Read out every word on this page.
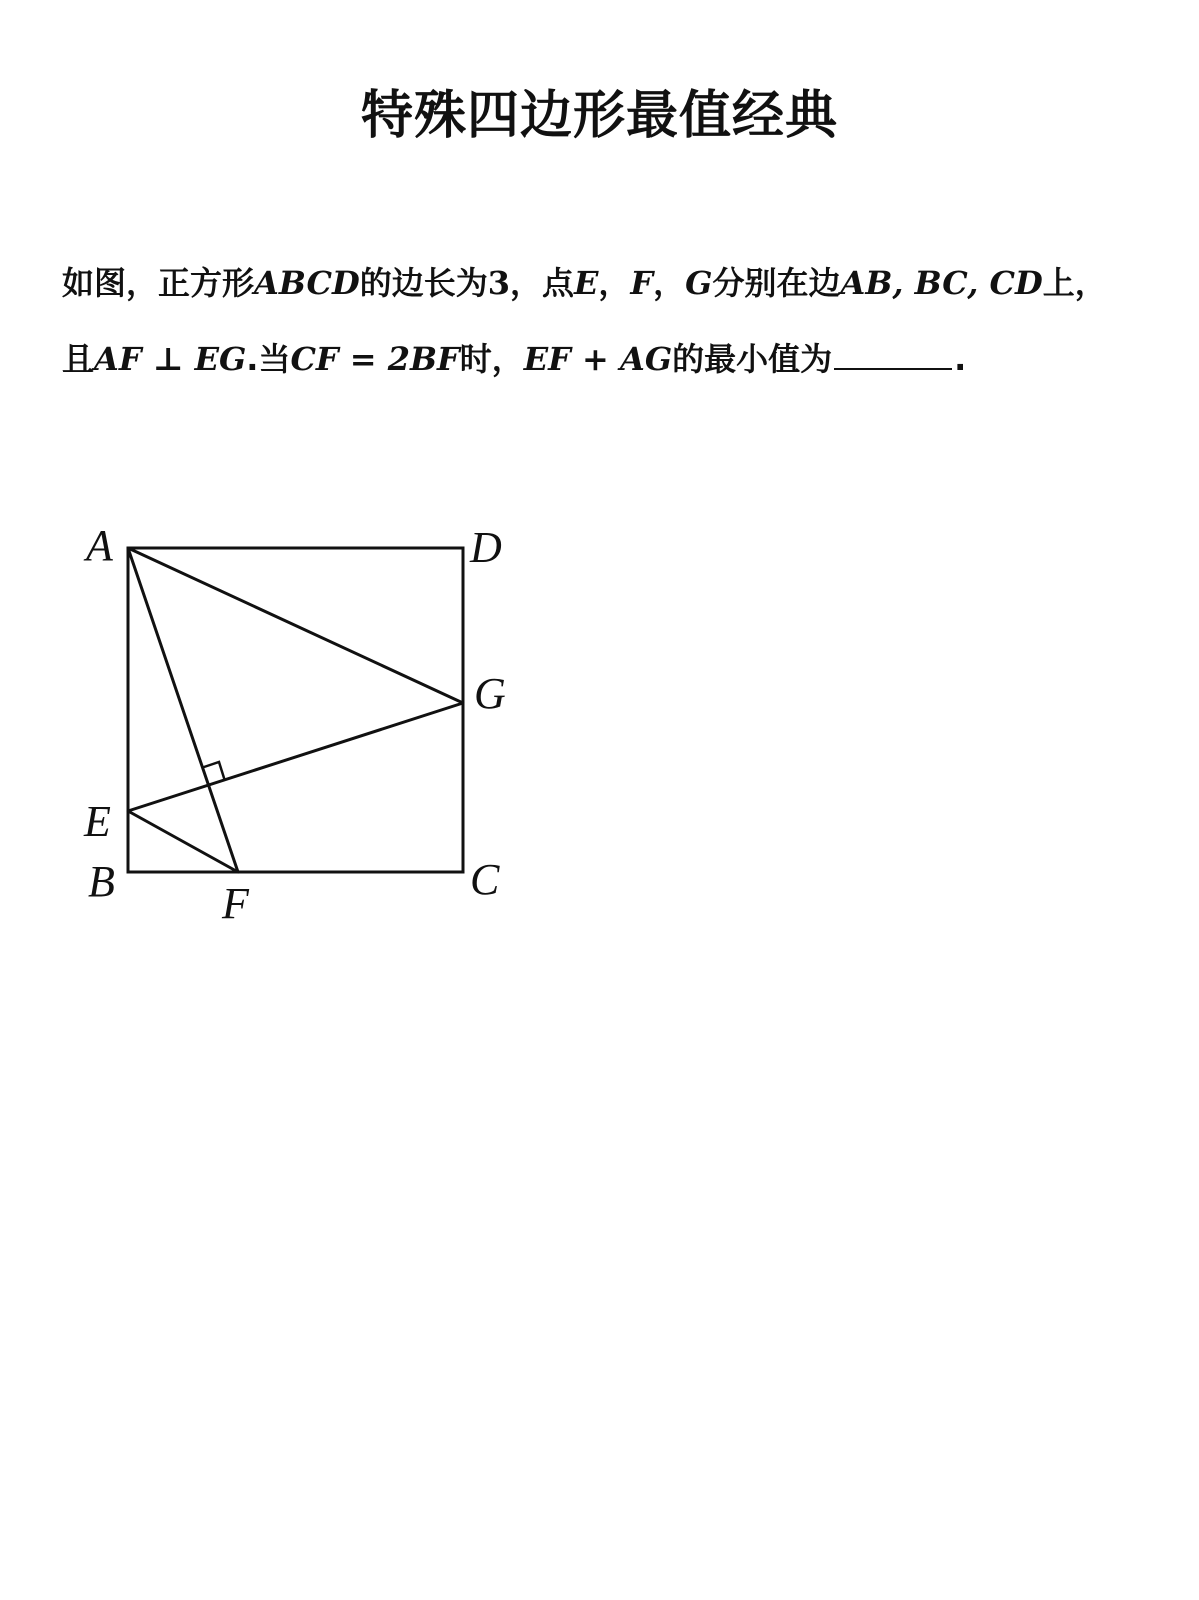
特殊四边形最值经典
如图，正方形ABCD的边长为3，点E，F，G分别在边AB, BC, CD上，
且AF ⊥ EG.当CF = 2BF时，EF + AG的最小值为	.
A	D
G
E
B	C
F
